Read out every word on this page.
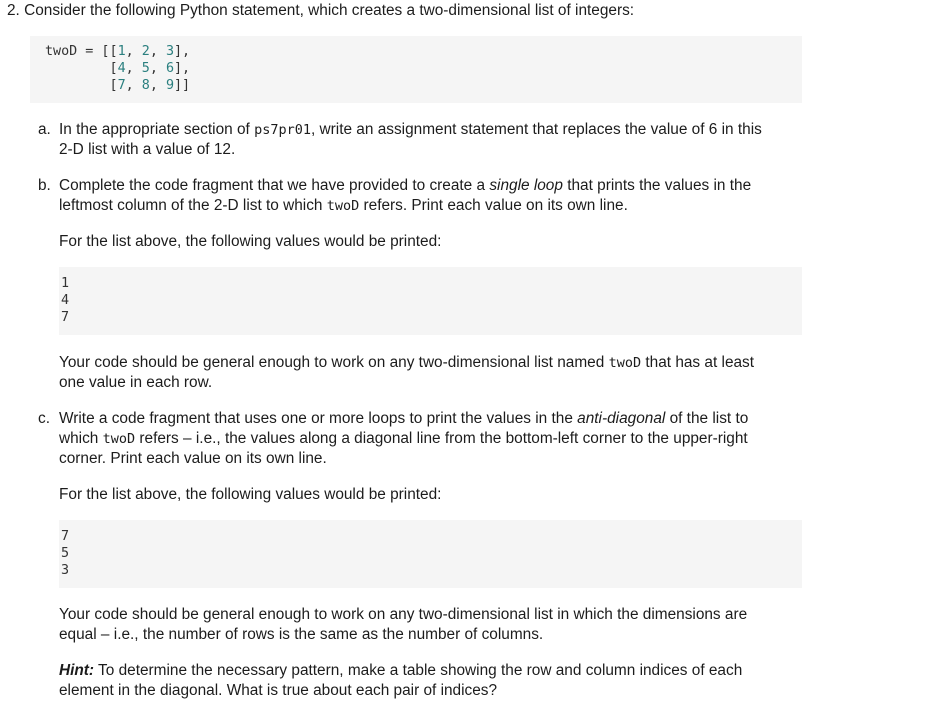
2. Consider the following Python statement, which creates a two-dimensional list of integers:
twoD = [[1, 2, 3],
[4, 5, 6],
[7, 8, 9]]
a. In the appropriate section of ps7pr01, write an assignment statement that replaces the value of 6 in this
2-D list with a value of 12.
b. Complete the code fragment that we have provided to create a single loop that prints the values in the
leftmost column of the 2-D list to which twoD refers. Print each value on its own line.
For the list above, the following values would be printed:
1
4
7
Your code should be general enough to work on any two-dimensional list named twoD that has at least
one value in each row.
c. Write a code fragment that uses one or more loops to print the values in the anti-diagonal of the list to
which twoD refers – i.e., the values along a diagonal line from the bottom-left corner to the upper-right
corner. Print each value on its own line.
For the list above, the following values would be printed:
7
5
3
Your code should be general enough to work on any two-dimensional list in which the dimensions are
equal – i.e., the number of rows is the same as the number of columns.
Hint: To determine the necessary pattern, make a table showing the row and column indices of each
element in the diagonal. What is true about each pair of indices?
